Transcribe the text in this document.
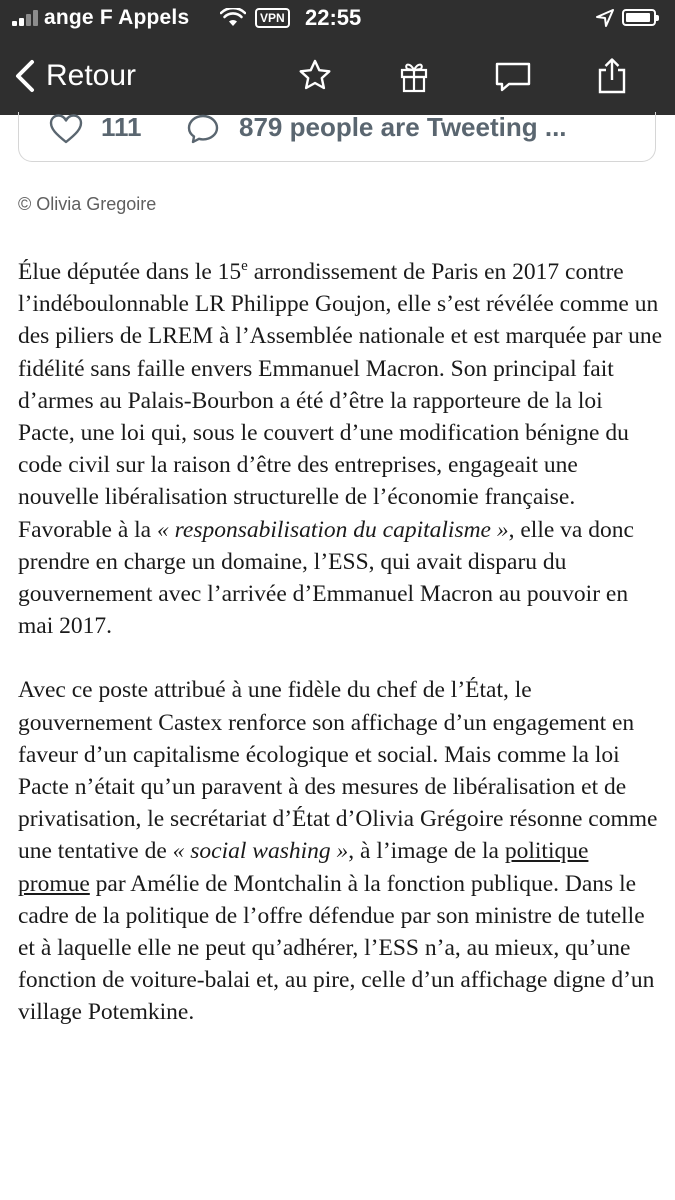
ange F Appels	VPN 22:55
Retour
111	879 people are Tweeting ...
© Olivia Gregoire

Élue députée dans le 15e arrondissement de Paris en 2017 contre l’indéboulonnable LR Philippe Goujon, elle s’est révélée comme un des piliers de LREM à l’Assemblée nationale et est marquée par une fidélité sans faille envers Emmanuel Macron. Son principal fait d’armes au Palais-Bourbon a été d’être la rapporteure de la loi Pacte, une loi qui, sous le couvert d’une modification bénigne du code civil sur la raison d’être des entreprises, engageait une nouvelle libéralisation structurelle de l’économie française. Favorable à la « responsabilisation du capitalisme », elle va donc prendre en charge un domaine, l’ESS, qui avait disparu du gouvernement avec l’arrivée d’Emmanuel Macron au pouvoir en mai 2017.

Avec ce poste attribué à une fidèle du chef de l’État, le gouvernement Castex renforce son affichage d’un engagement en faveur d’un capitalisme écologique et social. Mais comme la loi Pacte n’était qu’un paravent à des mesures de libéralisation et de privatisation, le secrétariat d’État d’Olivia Grégoire résonne comme une tentative de « social washing », à l’image de la politique promue par Amélie de Montchalin à la fonction publique. Dans le cadre de la politique de l’offre défendue par son ministre de tutelle et à laquelle elle ne peut qu’adhérer, l’ESS n’a, au mieux, qu’une fonction de voiture-balai et, au pire, celle d’un affichage digne d’un village Potemkine.
